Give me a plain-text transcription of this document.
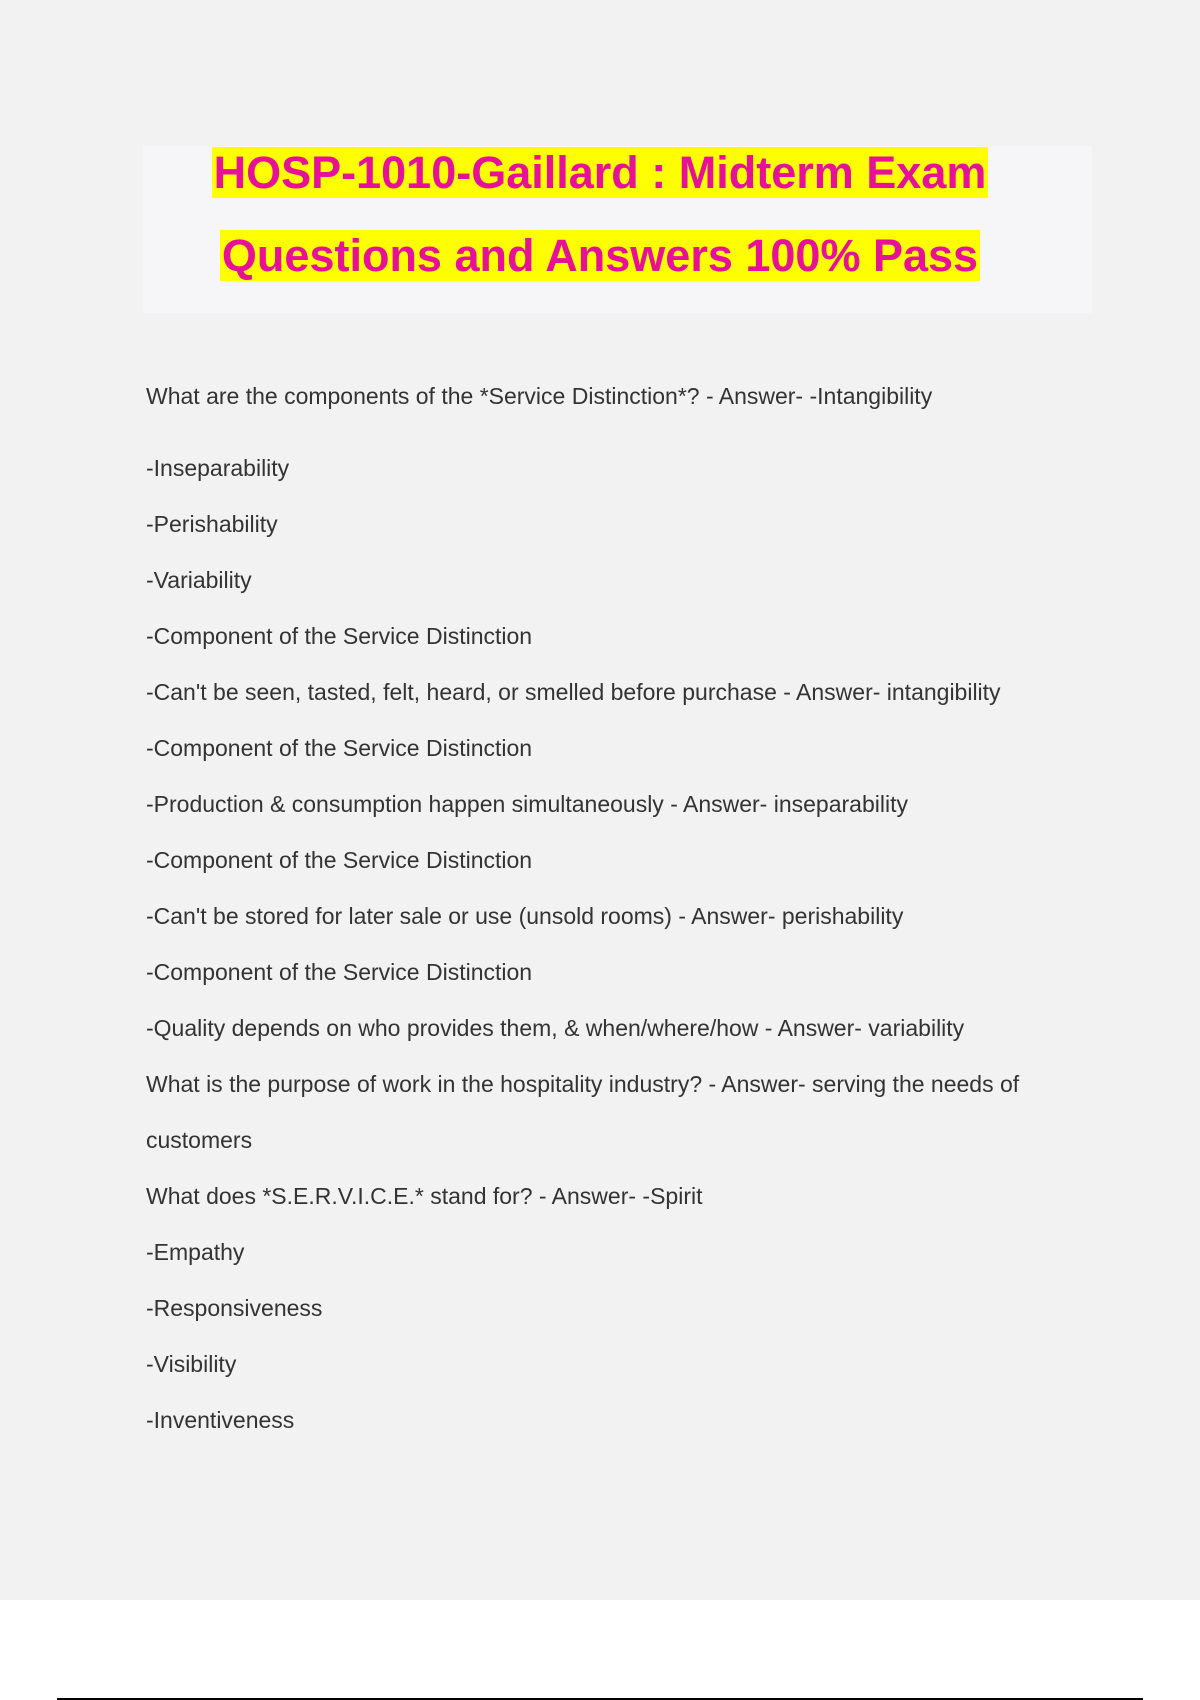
HOSP-1010-Gaillard : Midterm Exam
Questions and Answers 100% Pass
What are the components of the *Service Distinction*? - Answer- -Intangibility
-Inseparability
-Perishability
-Variability
-Component of the Service Distinction
-Can't be seen, tasted, felt, heard, or smelled before purchase - Answer- intangibility
-Component of the Service Distinction
-Production & consumption happen simultaneously - Answer- inseparability
-Component of the Service Distinction
-Can't be stored for later sale or use (unsold rooms) - Answer- perishability
-Component of the Service Distinction
-Quality depends on who provides them, & when/where/how - Answer- variability
What is the purpose of work in the hospitality industry? - Answer- serving the needs of
customers
What does *S.E.R.V.I.C.E.* stand for? - Answer- -Spirit
-Empathy
-Responsiveness
-Visibility
-Inventiveness
